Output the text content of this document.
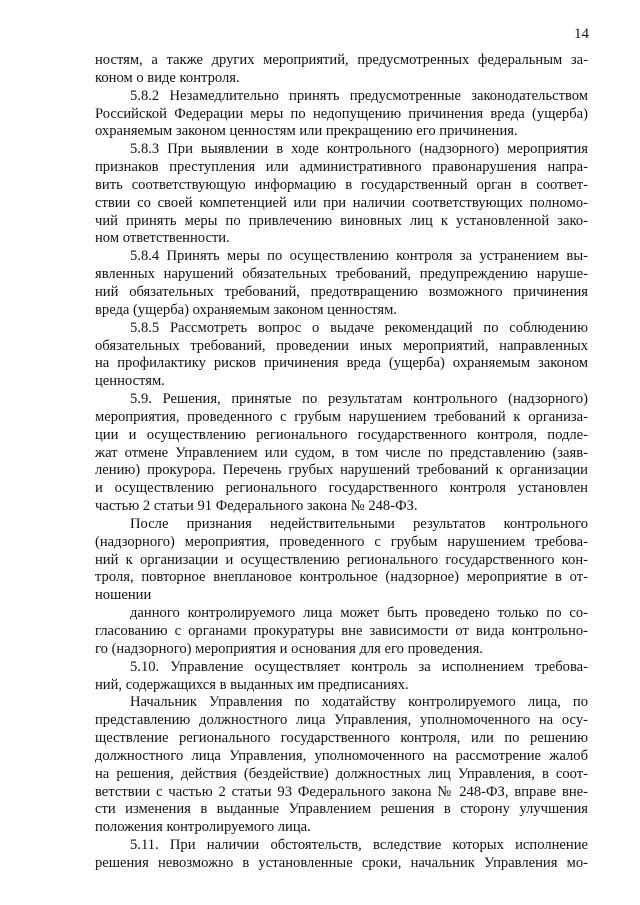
14
ностям, а также других мероприятий, предусмотренных федеральным за-
коном о виде контроля.
5.8.2 Незамедлительно принять предусмотренные законодательством
Российской Федерации меры по недопущению причинения вреда (ущерба)
охраняемым законом ценностям или прекращению его причинения.
5.8.3 При выявлении в ходе контрольного (надзорного) мероприятия
признаков преступления или административного правонарушения напра-
вить соответствующую информацию в государственный орган в соответ-
ствии со своей компетенцией или при наличии соответствующих полномо-
чий принять меры по привлечению виновных лиц к установленной зако-
ном ответственности.
5.8.4 Принять меры по осуществлению контроля за устранением вы-
явленных нарушений обязательных требований, предупреждению наруше-
ний обязательных требований, предотвращению возможного причинения
вреда (ущерба) охраняемым законом ценностям.
5.8.5 Рассмотреть вопрос о выдаче рекомендаций по соблюдению
обязательных требований, проведении иных мероприятий, направленных
на профилактику рисков причинения вреда (ущерба) охраняемым законом
ценностям.
5.9. Решения, принятые по результатам контрольного (надзорного)
мероприятия, проведенного с грубым нарушением требований к организа-
ции и осуществлению регионального государственного контроля, подле-
жат отмене Управлением или судом, в том числе по представлению (заяв-
лению) прокурора. Перечень грубых нарушений требований к организации
и осуществлению регионального государственного контроля установлен
частью 2 статьи 91 Федерального закона № 248-ФЗ.
После признания недействительными результатов контрольного
(надзорного) мероприятия, проведенного с грубым нарушением требова-
ний к организации и осуществлению регионального государственного кон-
троля, повторное внеплановое контрольное (надзорное) мероприятие в от-
ношении
данного контролируемого лица может быть проведено только по со-
гласованию с органами прокуратуры вне зависимости от вида контрольно-
го (надзорного) мероприятия и основания для его проведения.
5.10. Управление осуществляет контроль за исполнением требова-
ний, содержащихся в выданных им предписаниях.
Начальник Управления по ходатайству контролируемого лица, по
представлению должностного лица Управления, уполномоченного на осу-
ществление регионального государственного контроля, или по решению
должностного лица Управления, уполномоченного на рассмотрение жалоб
на решения, действия (бездействие) должностных лиц Управления, в соот-
ветствии с частью 2 статьи 93 Федерального закона № 248-ФЗ, вправе вне-
сти изменения в выданные Управлением решения в сторону улучшения
положения контролируемого лица.
5.11. При наличии обстоятельств, вследствие которых исполнение
решения невозможно в установленные сроки, начальник Управления мо-
